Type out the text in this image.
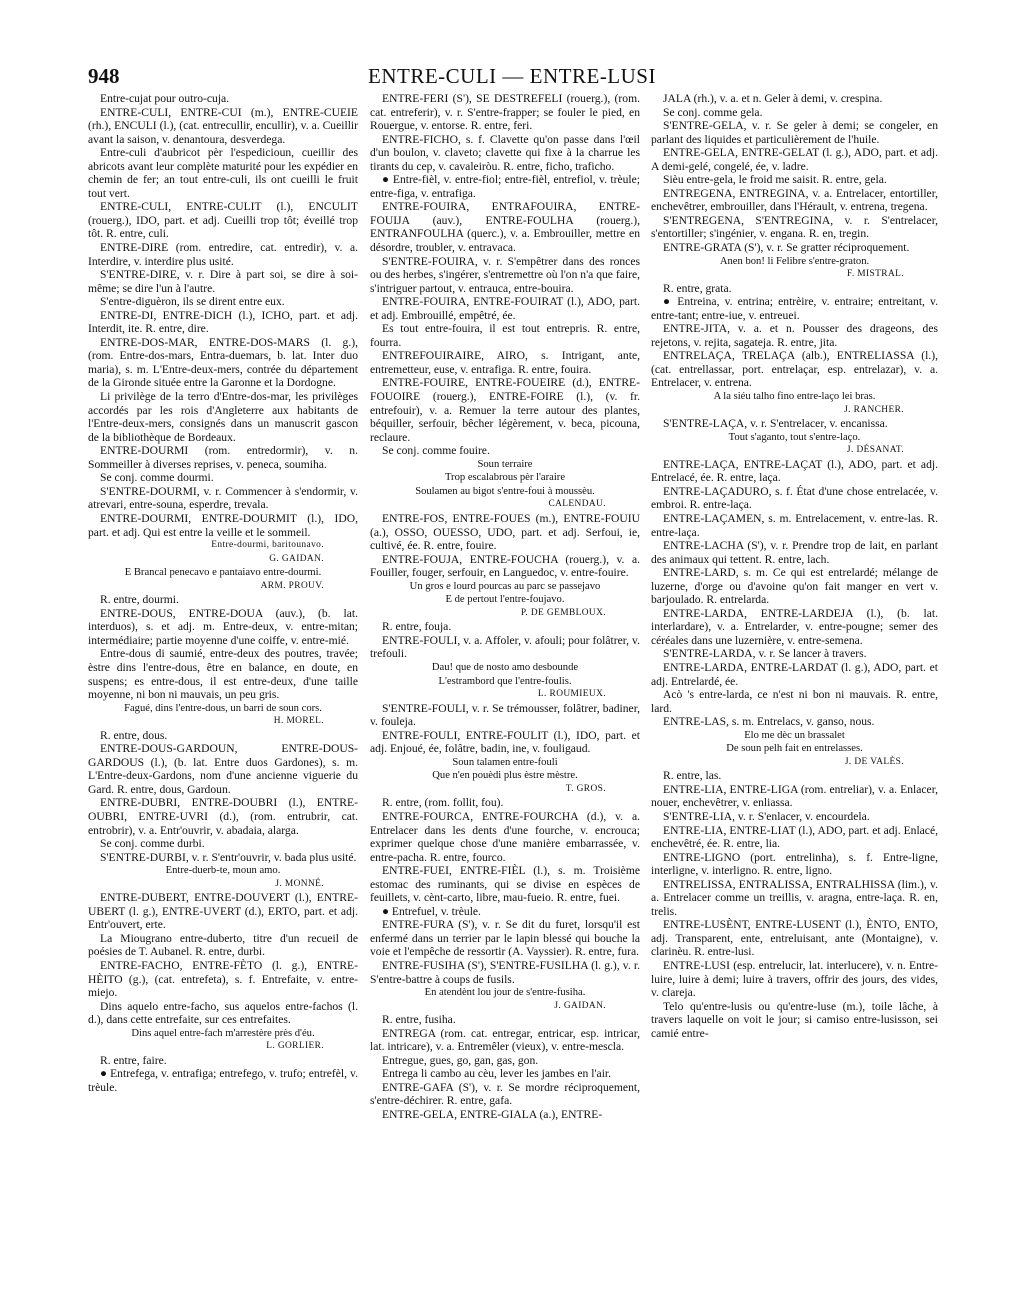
948	ENTRE-CULI — ENTRE-LUSI

Entre-cujat pour outro-cuja.

ENTRE-CULI, ENTRE-CUI (m.), ENTRE-CUEIE (rh.), ENCULI (l.), (cat. entrecullir, encullir), v. a. Cueillir avant la saison, v. denantoura, desverdega.

Entre-culi d'aubricot pèr l'espedicioun, cueillir des abricots avant leur complète maturité pour les expédier en chemin de fer; an tout entre-culi, ils ont cueilli le fruit tout vert.

ENTRE-CULI, ENTRE-CULIT (l.), ENCULIT (rouerg.), IDO, part. et adj. Cueilli trop tôt; éveillé trop tôt. R. entre, culi.

ENTRE-DIRE (rom. entredire, cat. entredir), v. a. Interdire, v. interdire plus usité.

S'ENTRE-DIRE, v. r. Dire à part soi, se dire à soi-même; se dire l'un à l'autre.

S'entre-diguèron, ils se dirent entre eux.

ENTRE-DI, ENTRE-DICH (l.), ICHO, part. et adj. Interdit, ite. R. entre, dire.

ENTRE-DOS-MAR, ENTRE-DOS-MARS (l. g.), (rom. Entre-dos-mars, Entra-duemars, b. lat. Inter duo maria), s. m. L'Entre-deux-mers, contrée du département de la Gironde située entre la Garonne et la Dordogne.

Li privilège de la terro d'Entre-dos-mar, les privilèges accordés par les rois d'Angleterre aux habitants de l'Entre-deux-mers, consignés dans un manuscrit gascon de la bibliothèque de Bordeaux.

ENTRE-DOURMI (rom. entredormir), v. n. Sommeiller à diverses reprises, v. peneca, soumiha.

Se conj. comme dourmi.

S'ENTRE-DOURMI, v. r. Commencer à s'endormir, v. atrevari, entre-souna, esperdre, trevala.

ENTRE-DOURMI, ENTRE-DOURMIT (l.), IDO, part. et adj. Qui est entre la veille et le sommeil.

Entre-dourmi, baritounavo.

G. GAIDAN.

E Brancal penecavo e pantaiavo entre-dourmi.

ARM. PROUV.

R. entre, dourmi.

ENTRE-DOUS, ENTRE-DOUA (auv.), (b. lat. interduos), s. et adj. m. Entre-deux, v. entre-mitan; intermédiaire; partie moyenne d'une coiffe, v. entre-mié.

Entre-dous di saumié, entre-deux des poutres, travée; èstre dins l'entre-dous, être en balance, en doute, en suspens; es entre-dous, il est entre-deux, d'une taille moyenne, ni bon ni mauvais, un peu gris.

Fagué, dins l'entre-dous, un barri de soun cors.

H. MOREL.

R. entre, dous.

ENTRE-DOUS-GARDOUN, ENTRE-DOUS-GARDOUS (l.), (b. lat. Entre duos Gardones), s. m. L'Entre-deux-Gardons, nom d'une ancienne viguerie du Gard. R. entre, dous, Gardoun.

ENTRE-DUBRI, ENTRE-DOUBRI (l.), ENTRE-OUBRI, ENTRE-UVRI (d.), (rom. entrubrir, cat. entrobrir), v. a. Entr'ouvrir, v. abadaia, alarga.

Se conj. comme durbi.

S'ENTRE-DURBI, v. r. S'entr'ouvrir, v. bada plus usité.

Entre-duerb-te, moun amo.

J. MONNÉ.

ENTRE-DUBERT, ENTRE-DOUVERT (l.), ENTRE-UBERT (l. g.), ENTRE-UVERT (d.), ERTO, part. et adj. Entr'ouvert, erte.

La Miougrano entre-duberto, titre d'un recueil de poésies de T. Aubanel. R. entre, durbi.

ENTRE-FACHO, ENTRE-FÈTO (l. g.), ENTRE-HÈITO (g.), (cat. entrefeta), s. f. Entrefaite, v. entre-miejo.

Dins aquelo entre-facho, sus aquelos entre-fachos (l. d.), dans cette entrefaite, sur ces entrefaites.

Dins aquel entre-fach m'arrestère près d'éu.

L. GORLIER.

R. entre, faire.

● Entrefega, v. entrafiga; entrefego, v. trufo; entrefèl, v. trèule.

ENTRE-FERI (S'), SE DESTREFELI (rouerg.), (rom. cat. entreferir), v. r. S'entre-frapper; se fouler le pied, en Rouergue, v. entorse. R. entre, feri.

ENTRE-FICHO, s. f. Clavette qu'on passe dans l'œil d'un boulon, v. claveto; clavette qui fixe à la charrue les tirants du cep, v. cavaleiròu. R. entre, ficho, traficho.

● Entre-fièl, v. entre-fiol; entre-fièl, entrefiol, v. trèule; entre-figa, v. entrafiga.

ENTRE-FOUIRA, ENTRAFOUIRA, ENTRE-FOUIJA (auv.), ENTRE-FOULHA (rouerg.), ENTRANFOULHA (querc.), v. a. Embrouiller, mettre en désordre, troubler, v. entravaca.

S'ENTRE-FOUIRA, v. r. S'empêtrer dans des ronces ou des herbes, s'ingérer, s'entremettre où l'on n'a que faire, s'intriguer partout, v. entrauca, entre-bouira.

ENTRE-FOUIRA, ENTRE-FOUIRAT (l.), ADO, part. et adj. Embrouillé, empêtré, ée.

Es tout entre-fouira, il est tout entrepris. R. entre, fourra.

ENTREFOUIRAIRE, AIRO, s. Intrigant, ante, entremetteur, euse, v. entrafiga. R. entre, fouira.

ENTRE-FOUIRE, ENTRE-FOUEIRE (d.), ENTRE-FOUOIRE (rouerg.), ENTRE-FOIRE (l.), (v. fr. entrefouir), v. a. Remuer la terre autour des plantes, béquiller, serfouir, bêcher légèrement, v. beca, picouna, reclaure.

Se conj. comme fouire.

Soun terraire

Trop escalabrous pèr l'araire

Soulamen au bigot s'entre-foui à moussèu.

CALENDAU.

ENTRE-FOS, ENTRE-FOUES (m.), ENTRE-FOUIU (a.), OSSO, OUESSO, UDO, part. et adj. Serfoui, ie, cultivé, ée. R. entre, fouire.

ENTRE-FOUJA, ENTRE-FOUCHA (rouerg.), v. a. Fouiller, fouger, serfouir, en Languedoc, v. entre-fouire.

Un gros e lourd pourcas au parc se passejavo

E de pertout l'entre-foujavo.

P. DE GEMBLOUX.

R. entre, fouja.

ENTRE-FOULI, v. a. Affoler, v. afouli; pour folâtrer, v. trefouli.

Dau! que de nosto amo desbounde

L'estrambord que l'entre-foulis.

L. ROUMIEUX.

S'ENTRE-FOULI, v. r. Se trémousser, folâtrer, badiner, v. fouleja.

ENTRE-FOULI, ENTRE-FOULIT (l.), IDO, part. et adj. Enjoué, ée, folâtre, badin, ine, v. fouligaud.

Soun talamen entre-fouli

Que n'en pouèdi plus èstre mèstre.

T. GROS.

R. entre, (rom. follit, fou).

ENTRE-FOURCA, ENTRE-FOURCHA (d.), v. a. Entrelacer dans les dents d'une fourche, v. encrouca; exprimer quelque chose d'une manière embarrassée, v. entre-pacha. R. entre, fourco.

ENTRE-FUEI, ENTRE-FIÈL (l.), s. m. Troisième estomac des ruminants, qui se divise en espèces de feuillets, v. cènt-carto, libre, mau-fueio. R. entre, fuei.

● Entrefuel, v. trèule.

ENTRE-FURA (S'), v. r. Se dit du furet, lorsqu'il est enfermé dans un terrier par le lapin blessé qui bouche la voie et l'empêche de ressortir (A. Vayssier). R. entre, fura.

ENTRE-FUSIHA (S'), S'ENTRE-FUSILHA (l. g.), v. r. S'entre-battre à coups de fusils.

En atendènt lou jour de s'entre-fusiha.

J. GAIDAN.

R. entre, fusiha.

ENTREGA (rom. cat. entregar, entricar, esp. intricar, lat. intricare), v. a. Entremêler (vieux), v. entre-mescla.

Entregue, gues, go, gan, gas, gon.

Entrega li cambo au cèu, lever les jambes en l'air.

ENTRE-GAFA (S'), v. r. Se mordre réciproquement, s'entre-déchirer. R. entre, gafa.

ENTRE-GELA, ENTRE-GIALA (a.), ENTRE-

JALA (rh.), v. a. et n. Geler à demi, v. crespina.

Se conj. comme gela.

S'ENTRE-GELA, v. r. Se geler à demi; se congeler, en parlant des liquides et particulièrement de l'huile.

ENTRE-GELA, ENTRE-GELAT (l. g.), ADO, part. et adj. A demi-gelé, congelé, ée, v. ladre.

Sièu entre-gela, le froid me saisit. R. entre, gela.

ENTREGENA, ENTREGINA, v. a. Entrelacer, entortiller, enchevêtrer, embrouiller, dans l'Hérault, v. entrena, tregena.

S'ENTREGENA, S'ENTREGINA, v. r. S'entrelacer, s'entortiller; s'ingénier, v. engana. R. en, tregin.

ENTRE-GRATA (S'), v. r. Se gratter réciproquement.

Anen bon! li Felibre s'entre-graton.

F. MISTRAL.

R. entre, grata.

● Entreina, v. entrina; entrèire, v. entraire; entreitant, v. entre-tant; entre-iue, v. entreuei.

ENTRE-JITA, v. a. et n. Pousser des drageons, des rejetons, v. rejita, sagateja. R. entre, jita.

ENTRELAÇA, TRELAÇA (alb.), ENTRELIASSA (l.), (cat. entrellassar, port. entrelaçar, esp. entrelazar), v. a. Entrelacer, v. entrena.

A la siéu talho fino entre-laço lei bras.

J. RANCHER.

S'ENTRE-LAÇA, v. r. S'entrelacer, v. encanissa.

Tout s'aganto, tout s'entre-laço.

J. DÉSANAT.

ENTRE-LAÇA, ENTRE-LAÇAT (l.), ADO, part. et adj. Entrelacé, ée. R. entre, laça.

ENTRE-LAÇADURO, s. f. État d'une chose entrelacée, v. embroi. R. entre-laça.

ENTRE-LAÇAMEN, s. m. Entrelacement, v. entre-las. R. entre-laça.

ENTRE-LACHA (S'), v. r. Prendre trop de lait, en parlant des animaux qui tettent. R. entre, lach.

ENTRE-LARD, s. m. Ce qui est entrelardé; mélange de luzerne, d'orge ou d'avoine qu'on fait manger en vert v. barjoulado. R. entrelarda.

ENTRE-LARDA, ENTRE-LARDEJA (l.), (b. lat. interlardare), v. a. Entrelarder, v. entre-pougne; semer des céréales dans une luzernière, v. entre-semena.

S'ENTRE-LARDA, v. r. Se lancer à travers.

ENTRE-LARDA, ENTRE-LARDAT (l. g.), ADO, part. et adj. Entrelardé, ée.

Acò 's entre-larda, ce n'est ni bon ni mauvais. R. entre, lard.

ENTRE-LAS, s. m. Entrelacs, v. ganso, nous.

Elo me dèc un brassalet

De soun pelh fait en entrelasses.

J. DE VALÈS.

R. entre, las.

ENTRE-LIA, ENTRE-LIGA (rom. entreliar), v. a. Enlacer, nouer, enchevêtrer, v. enliassa.

S'ENTRE-LIA, v. r. S'enlacer, v. encourdela.

ENTRE-LIA, ENTRE-LIAT (l.), ADO, part. et adj. Enlacé, enchevêtré, ée. R. entre, lia.

ENTRE-LIGNO (port. entrelinha), s. f. Entre-ligne, interligne, v. interligno. R. entre, ligno.

ENTRELISSA, ENTRALISSA, ENTRALHISSA (lim.), v. a. Entrelacer comme un treillis, v. aragna, entre-laça. R. en, trelis.

ENTRE-LUSÈNT, ENTRE-LUSENT (l.), ÈNTO, ENTO, adj. Transparent, ente, entreluisant, ante (Montaigne), v. clarinèu. R. entre-lusi.

ENTRE-LUSI (esp. entrelucir, lat. interlucere), v. n. Entre-luire, luire à demi; luire à travers, offrir des jours, des vides, v. clareja.

Telo qu'entre-lusis ou qu'entre-luse (m.), toile lâche, à travers laquelle on voit le jour; si camiso entre-lusisson, sei camié entre-
